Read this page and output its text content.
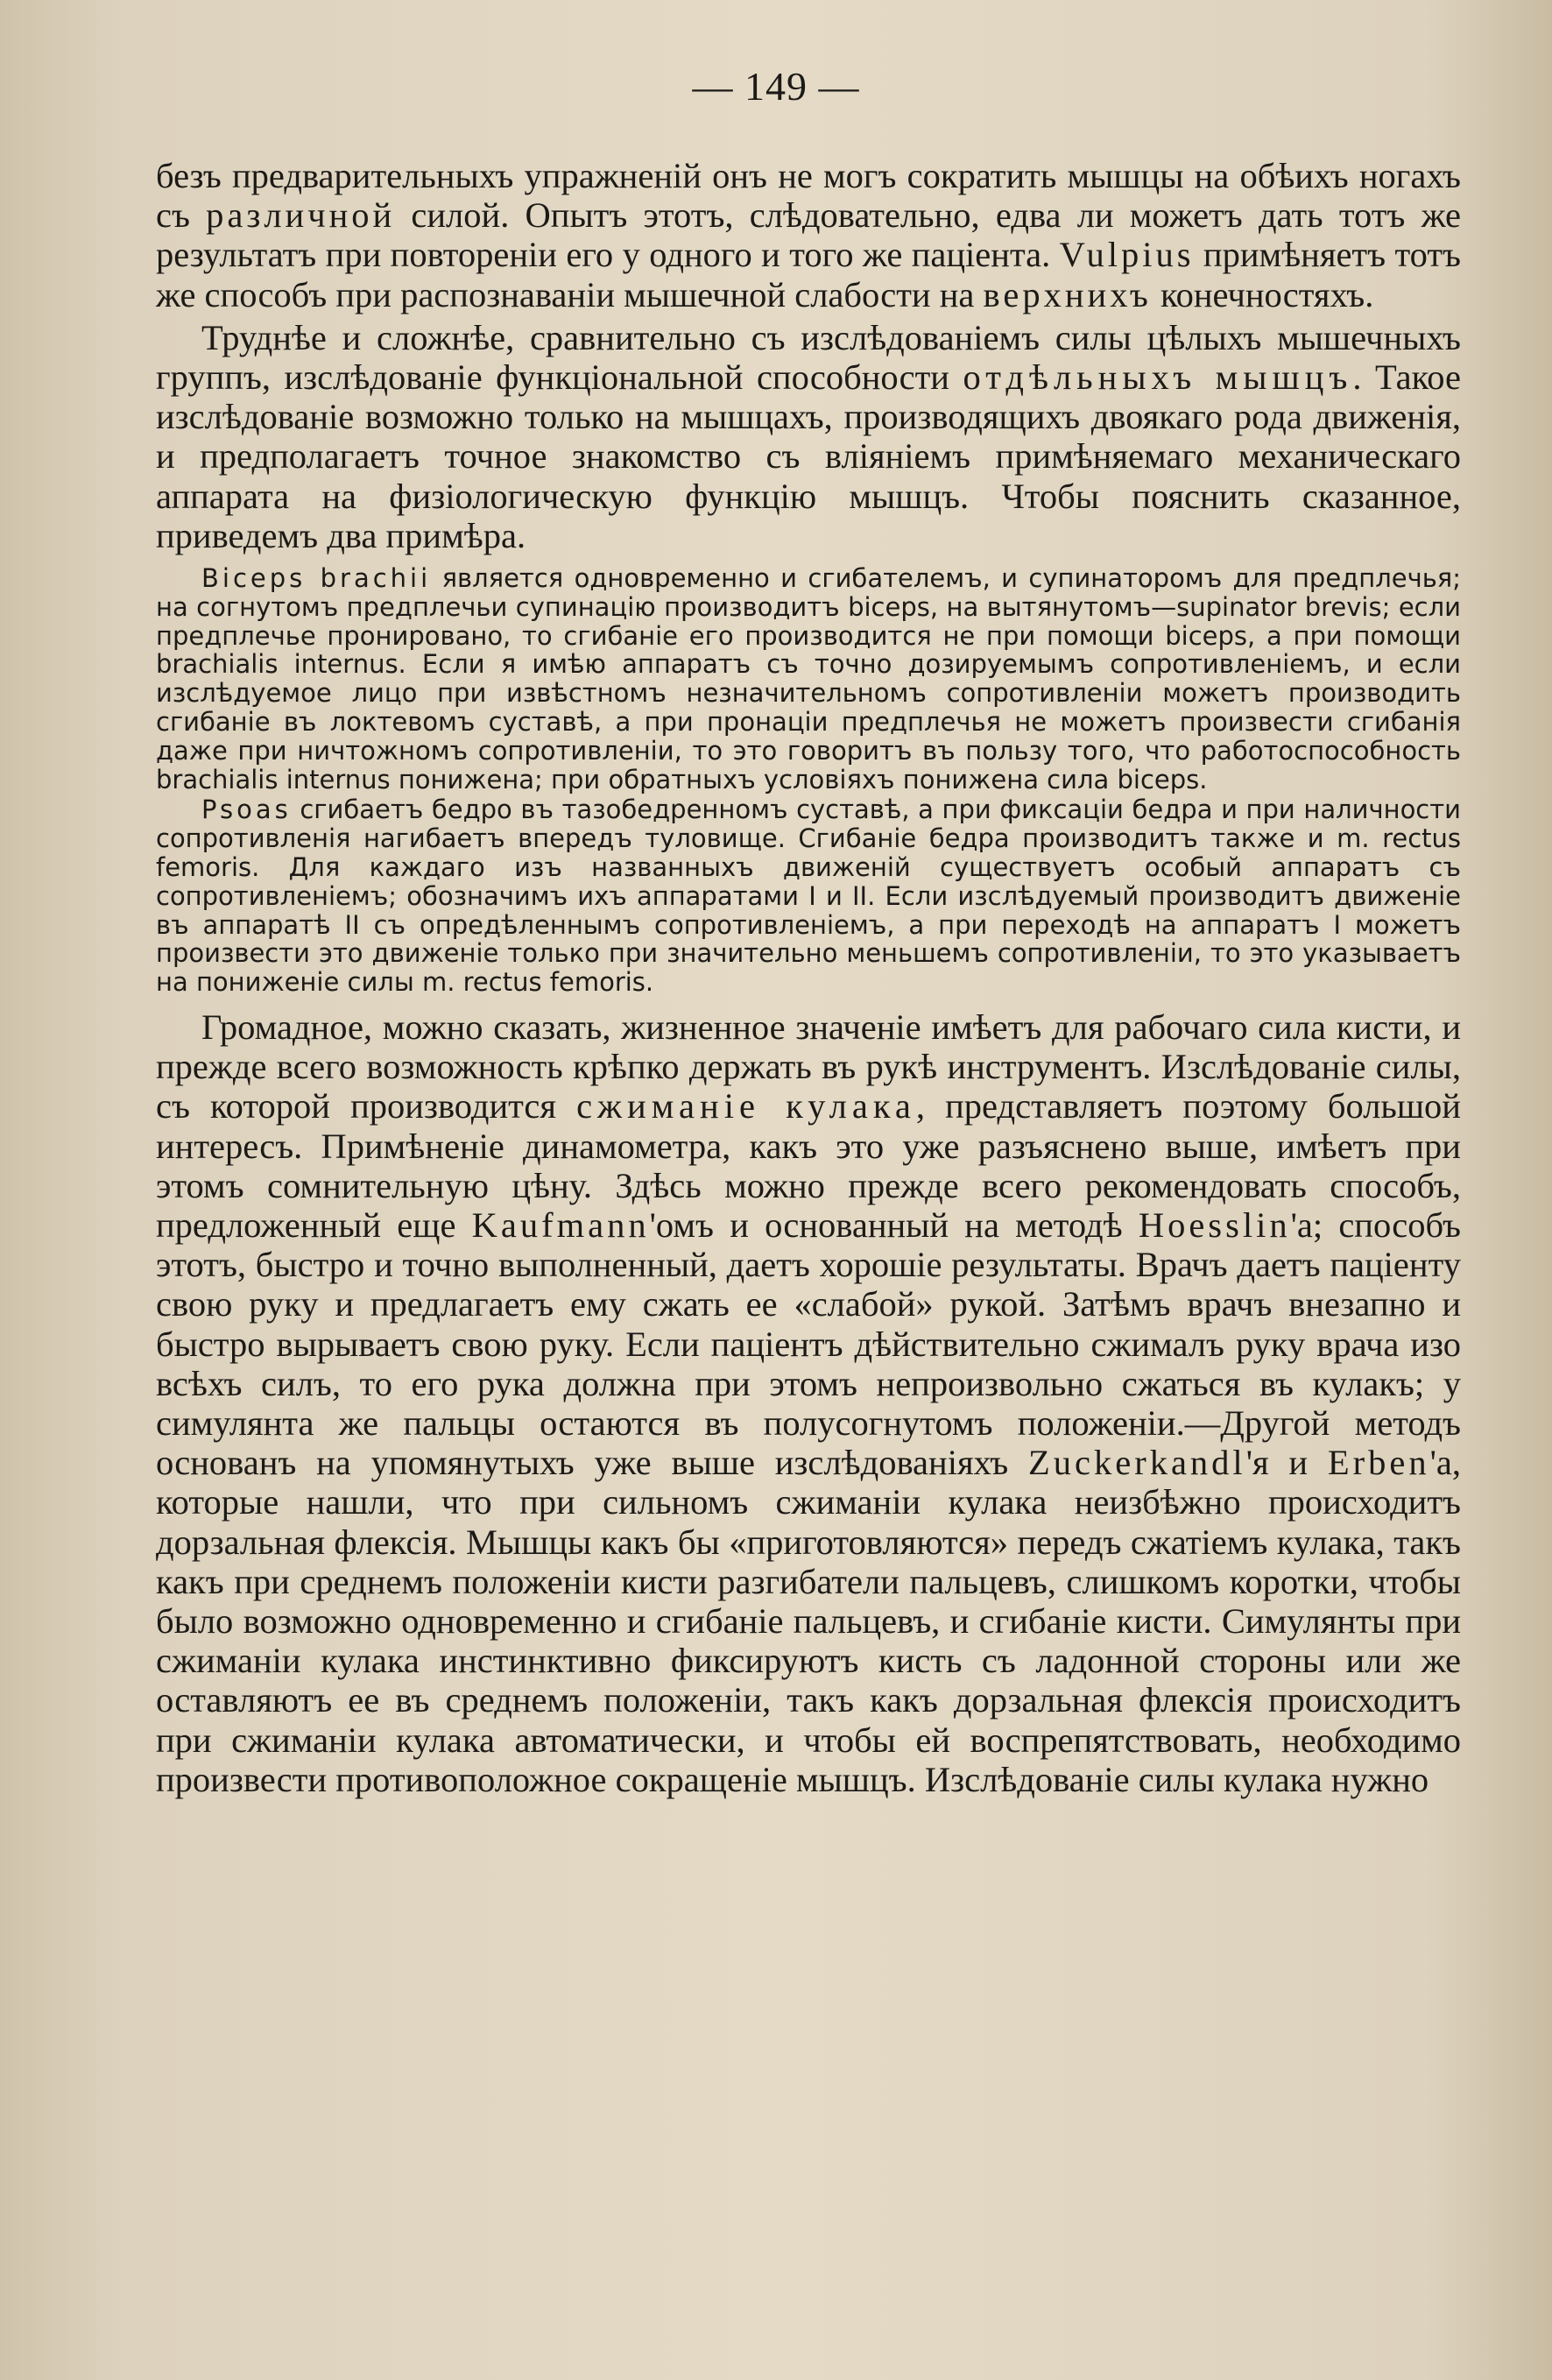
— 149 —

безъ предварительныхъ упражненій онъ не могъ сократить мышцы на обѣихъ ногахъ съ различной силой. Опытъ этотъ, слѣдовательно, едва ли можетъ дать тотъ же результатъ при повтореніи его у одного и того же паціента. Vulpius примѣняетъ тотъ же способъ при распознаваніи мышечной слабости на верхнихъ конечностяхъ.

Труднѣе и сложнѣе, сравнительно съ изслѣдованіемъ силы цѣлыхъ мышечныхъ группъ, изслѣдованіе функціональной способности отдѣльныхъ мышцъ. Такое изслѣдованіе возможно только на мышцахъ, производящихъ двоякаго рода движенія, и предполагаетъ точное знакомство съ вліяніемъ примѣняемаго механическаго аппарата на физіологическую функцію мышцъ. Чтобы пояснить сказанное, приведемъ два примѣра.

Biceps brachii является одновременно и сгибателемъ, и супинаторомъ для предплечья; на согнутомъ предплечьи супинацію производитъ biceps, на вытянутомъ—supinator brevis; если предплечье пронировано, то сгибаніе его производится не при помощи biceps, а при помощи brachialis internus. Если я имѣю аппаратъ съ точно дозируемымъ сопротивленіемъ, и если изслѣдуемое лицо при извѣстномъ незначительномъ сопротивленіи можетъ производить сгибаніе въ локтевомъ суставѣ, а при пронаціи предплечья не можетъ произвести сгибанія даже при ничтожномъ сопротивленіи, то это говоритъ въ пользу того, что работоспособность brachialis internus понижена; при обратныхъ условіяхъ понижена сила biceps.

Psoas сгибаетъ бедро въ тазобедренномъ суставѣ, а при фиксаціи бедра и при наличности сопротивленія нагибаетъ впередъ туловище. Сгибаніе бедра производитъ также и m. rectus femoris. Для каждаго изъ названныхъ движеній существуетъ особый аппаратъ съ сопротивленіемъ; обозначимъ ихъ аппаратами I и II. Если изслѣдуемый производитъ движеніе въ аппаратѣ II съ опредѣленнымъ сопротивленіемъ, а при переходѣ на аппаратъ I можетъ произвести это движеніе только при значительно меньшемъ сопротивленіи, то это указываетъ на пониженіе силы m. rectus femoris.

Громадное, можно сказать, жизненное значеніе имѣетъ для рабочаго сила кисти, и прежде всего возможность крѣпко держать въ рукѣ инструментъ. Изслѣдованіе силы, съ которой производится сжиманіе кулака, представляетъ поэтому большой интересъ. Примѣненіе динамометра, какъ это уже разъяснено выше, имѣетъ при этомъ сомнительную цѣну. Здѣсь можно прежде всего рекомендовать способъ, предложенный еще Kaufmann'омъ и основанный на методѣ Hoesslin'а; способъ этотъ, быстро и точно выполненный, даетъ хорошіе результаты. Врачъ даетъ паціенту свою руку и предлагаетъ ему сжать ее «слабой» рукой. Затѣмъ врачъ внезапно и быстро вырываетъ свою руку. Если паціентъ дѣйствительно сжималъ руку врача изо всѣхъ силъ, то его рука должна при этомъ непроизвольно сжаться въ кулакъ; у симулянта же пальцы остаются въ полусогнутомъ положеніи.—Другой методъ основанъ на упомянутыхъ уже выше изслѣдованіяхъ Zuckerkandl'я и Erben'a, которые нашли, что при сильномъ сжиманіи кулака неизбѣжно происходитъ дорзальная флексія. Мышцы какъ бы «приготовляются» передъ сжатіемъ кулака, такъ какъ при среднемъ положеніи кисти разгибатели пальцевъ, слишкомъ коротки, чтобы было возможно одновременно и сгибаніе пальцевъ, и сгибаніе кисти. Симулянты при сжиманіи кулака инстинктивно фиксируютъ кисть съ ладонной стороны или же оставляютъ ее въ среднемъ положеніи, такъ какъ дорзальная флексія происходитъ при сжиманіи кулака автоматически, и чтобы ей воспрепятствовать, необходимо произвести противоположное сокращеніе мышцъ. Изслѣдованіе силы кулака нужно
